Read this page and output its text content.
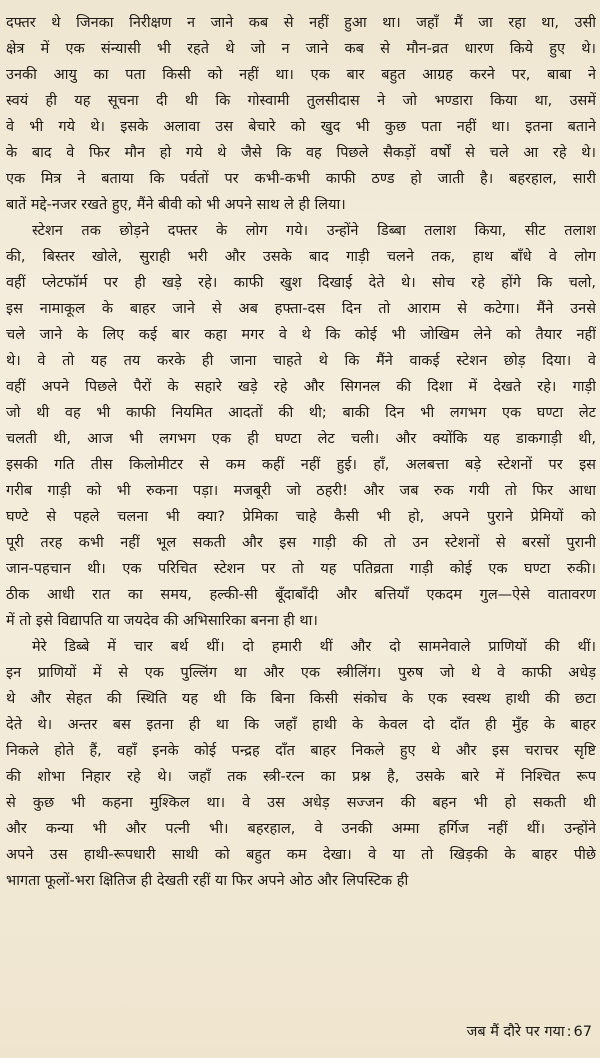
दफ्तर थे जिनका निरीक्षण न जाने कब से नहीं हुआ था। जहाँ मैं जा रहा था, उसी
क्षेत्र में एक संन्यासी भी रहते थे जो न जाने कब से मौन-व्रत धारण किये हुए थे।
उनकी आयु का पता किसी को नहीं था। एक बार बहुत आग्रह करने पर, बाबा ने
स्वयं ही यह सूचना दी थी कि गोस्वामी तुलसीदास ने जो भण्डारा किया था, उसमें
वे भी गये थे। इसके अलावा उस बेचारे को खुद भी कुछ पता नहीं था। इतना बताने
के बाद वे फिर मौन हो गये थे जैसे कि वह पिछले सैकड़ों वर्षों से चले आ रहे थे।
एक मित्र ने बताया कि पर्वतों पर कभी-कभी काफी ठण्ड हो जाती है। बहरहाल, सारी
बातें मद्दे-नजर रखते हुए, मैंने बीवी को भी अपने साथ ले ही लिया।
स्टेशन तक छोड़ने दफ्तर के लोग गये। उन्होंने डिब्बा तलाश किया, सीट तलाश
की, बिस्तर खोले, सुराही भरी और उसके बाद गाड़ी चलने तक, हाथ बाँधे वे लोग
वहीं प्लेटफॉर्म पर ही खड़े रहे। काफी खुश दिखाई देते थे। सोच रहे होंगे कि चलो,
इस नामाकूल के बाहर जाने से अब हफ्ता-दस दिन तो आराम से कटेगा। मैंने उनसे
चले जाने के लिए कई बार कहा मगर वे थे कि कोई भी जोखिम लेने को तैयार नहीं
थे। वे तो यह तय करके ही जाना चाहते थे कि मैंने वाकई स्टेशन छोड़ दिया। वे
वहीं अपने पिछले पैरों के सहारे खड़े रहे और सिगनल की दिशा में देखते रहे। गाड़ी
जो थी वह भी काफी नियमित आदतों की थी; बाकी दिन भी लगभग एक घण्टा लेट
चलती थी, आज भी लगभग एक ही घण्टा लेट चली। और क्योंकि यह डाकगाड़ी थी,
इसकी गति तीस किलोमीटर से कम कहीं नहीं हुई। हाँ, अलबत्ता बड़े स्टेशनों पर इस
गरीब गाड़ी को भी रुकना पड़ा। मजबूरी जो ठहरी! और जब रुक गयी तो फिर आधा
घण्टे से पहले चलना भी क्या? प्रेमिका चाहे कैसी भी हो, अपने पुराने प्रेमियों को
पूरी तरह कभी नहीं भूल सकती और इस गाड़ी की तो उन स्टेशनों से बरसों पुरानी
जान-पहचान थी। एक परिचित स्टेशन पर तो यह पतिव्रता गाड़ी कोई एक घण्टा रुकी।
ठीक आधी रात का समय, हल्की-सी बूँदाबाँदी और बत्तियाँ एकदम गुल—ऐसे वातावरण
में तो इसे विद्यापति या जयदेव की अभिसारिका बनना ही था।
मेरे डिब्बे में चार बर्थ थीं। दो हमारी थीं और दो सामनेवाले प्राणियों की थीं।
इन प्राणियों में से एक पुल्लिंग था और एक स्त्रीलिंग। पुरुष जो थे वे काफी अधेड़
थे और सेहत की स्थिति यह थी कि बिना किसी संकोच के एक स्वस्थ हाथी की छटा
देते थे। अन्तर बस इतना ही था कि जहाँ हाथी के केवल दो दाँत ही मुँह के बाहर
निकले होते हैं, वहाँ इनके कोई पन्द्रह दाँत बाहर निकले हुए थे और इस चराचर सृष्टि
की शोभा निहार रहे थे। जहाँ तक स्त्री-रत्न का प्रश्न है, उसके बारे में निश्चित रूप
से कुछ भी कहना मुश्किल था। वे उस अधेड़ सज्जन की बहन भी हो सकती थी
और कन्या भी और पत्नी भी। बहरहाल, वे उनकी अम्मा हर्गिज नहीं थीं। उन्होंने
अपने उस हाथी-रूपधारी साथी को बहुत कम देखा। वे या तो खिड़की के बाहर पीछे
भागता फूलों-भरा क्षितिज ही देखती रहीं या फिर अपने ओठ और लिपस्टिक ही
जब मैं दौरे पर गया : 67
